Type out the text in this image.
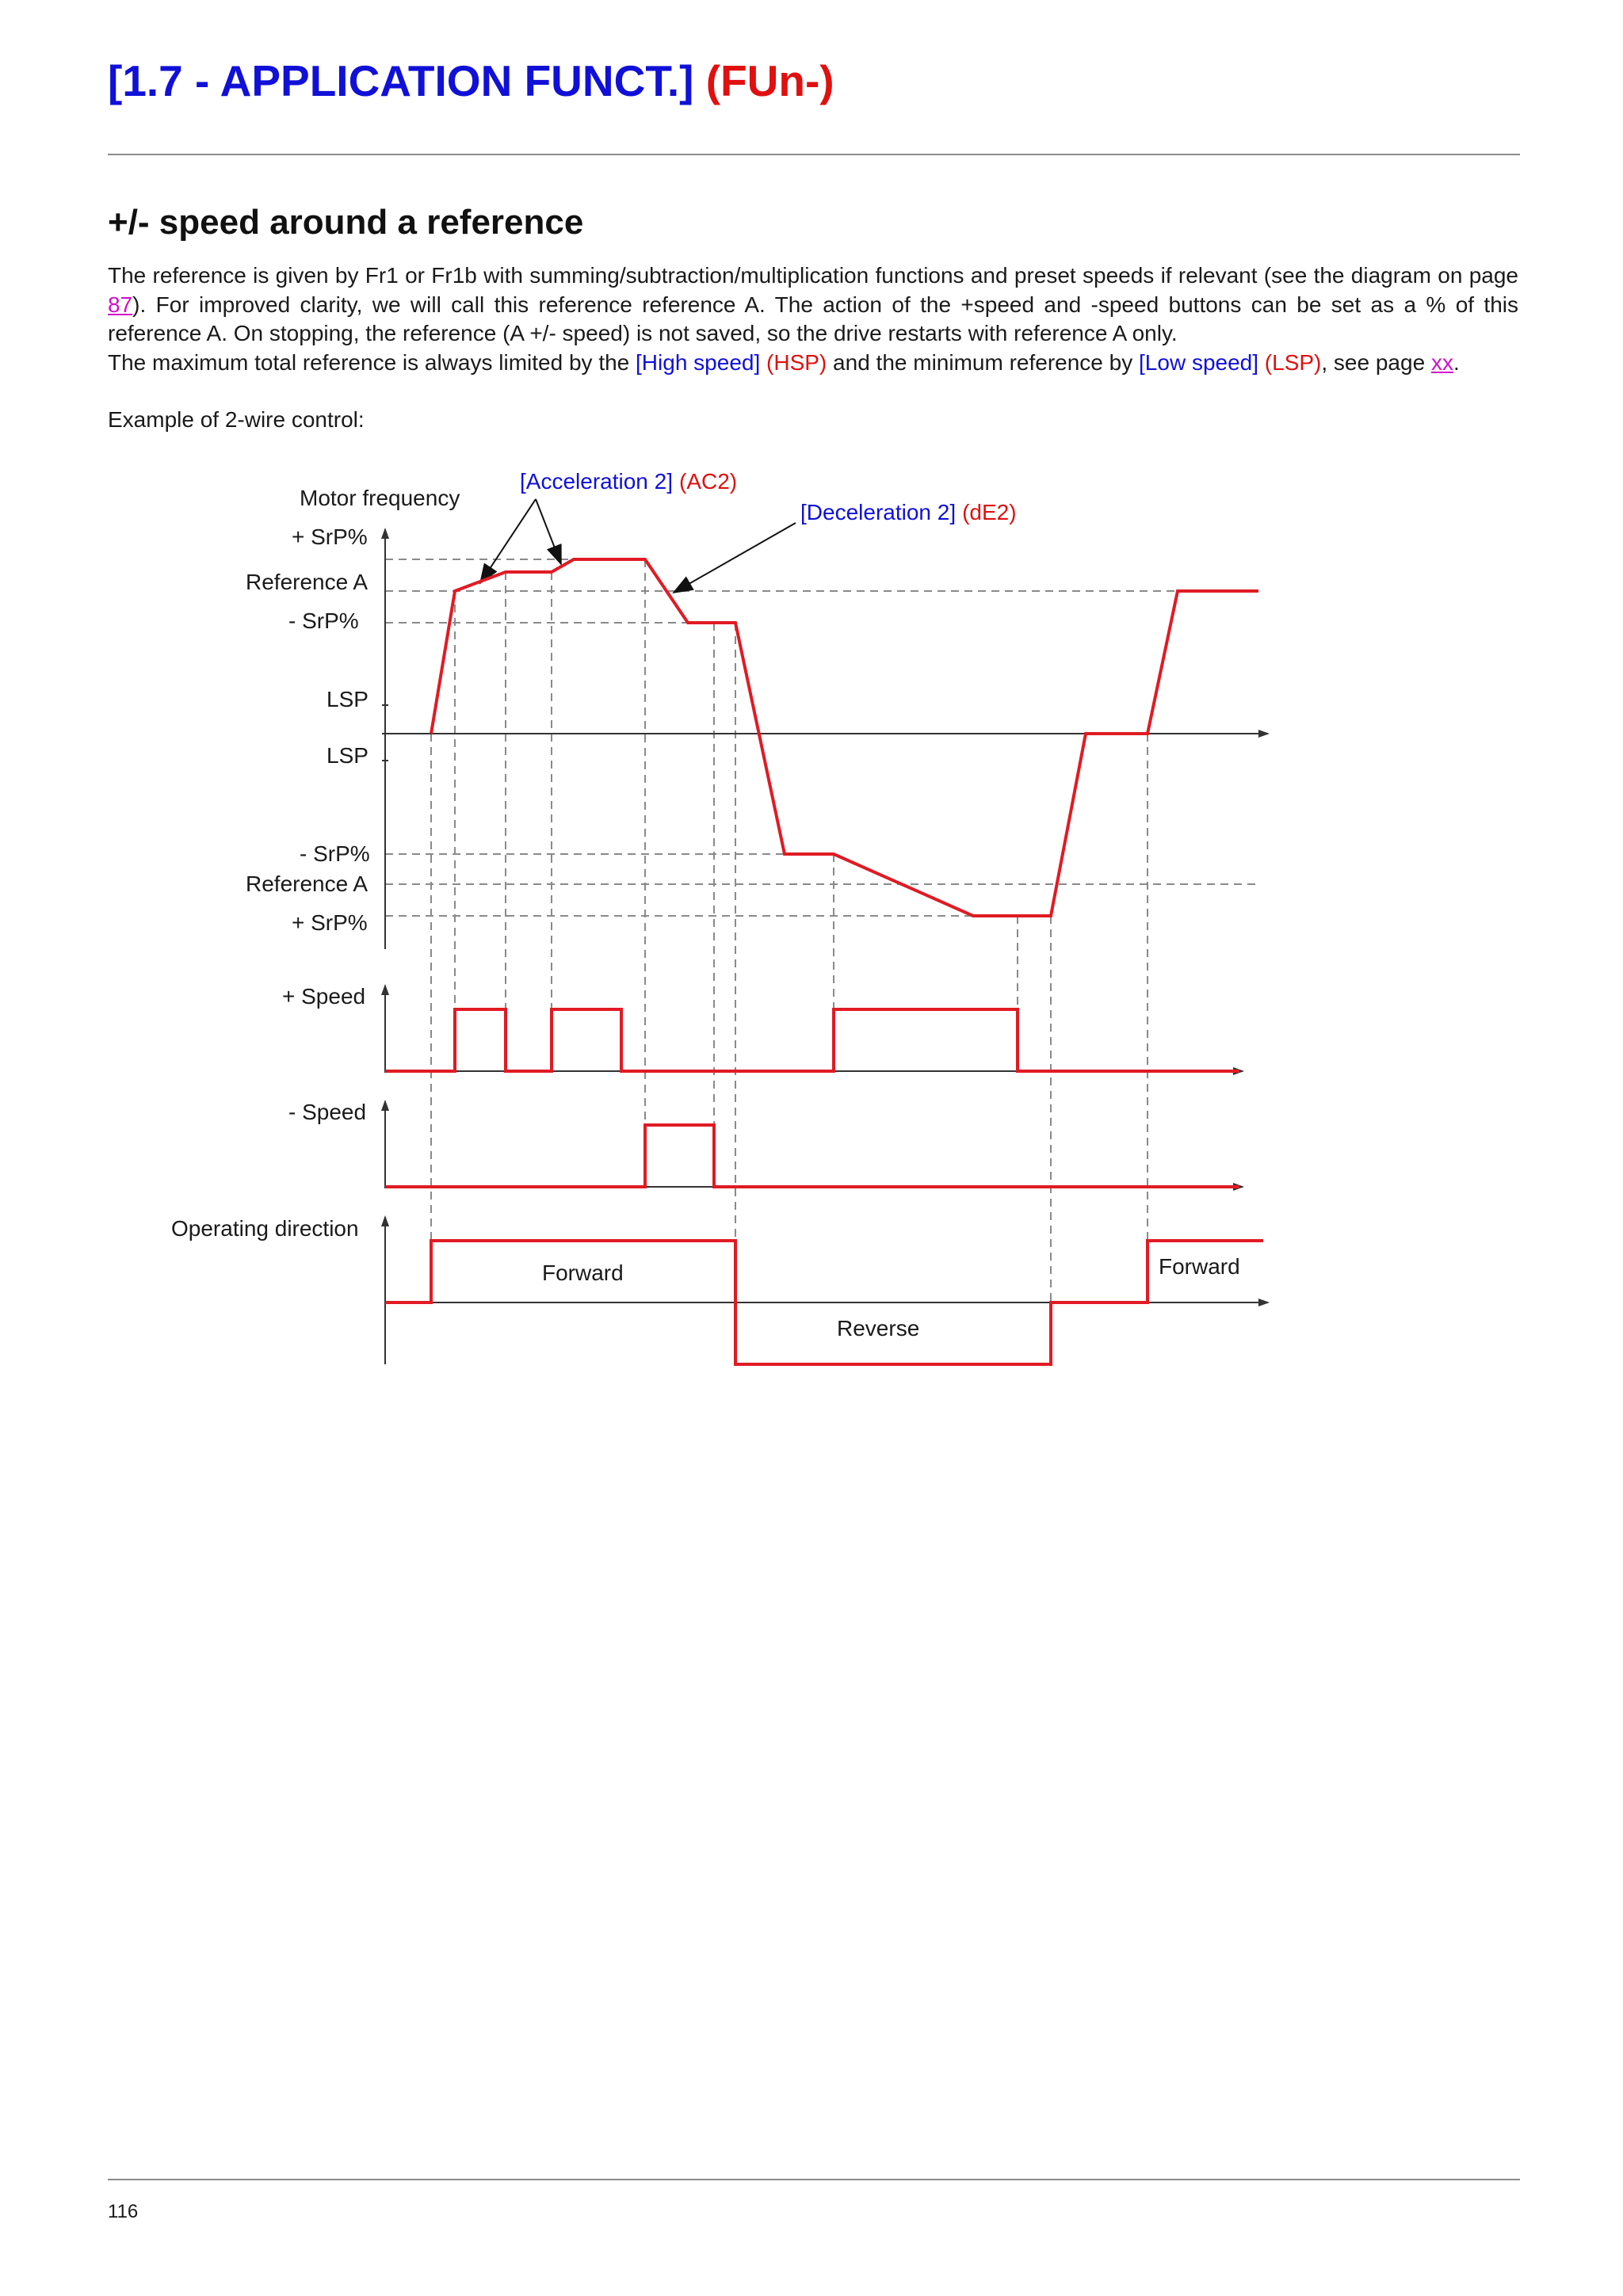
[1.7 - APPLICATION FUNCT.] (FUn-)
+/- speed around a reference

The reference is given by Fr1 or Fr1b with summing/subtraction/multiplication functions and preset speeds if relevant (see the diagram on page 87). For improved clarity, we will call this reference reference A. The action of the +speed and -speed buttons can be set as a % of this reference A. On stopping, the reference (A +/- speed) is not saved, so the drive restarts with reference A only.

The maximum total reference is always limited by the [High speed] (HSP) and the minimum reference by [Low speed] (LSP), see page xx.

Example of 2-wire control:

Motor frequency
+ SrP%
Reference A
- SrP%
LSP
LSP
- SrP%
Reference A
+ SrP%
+ Speed
- Speed
Operating direction
[Acceleration 2] (AC2)
[Deceleration 2] (dE2)
Forward
Reverse
Forward
116
